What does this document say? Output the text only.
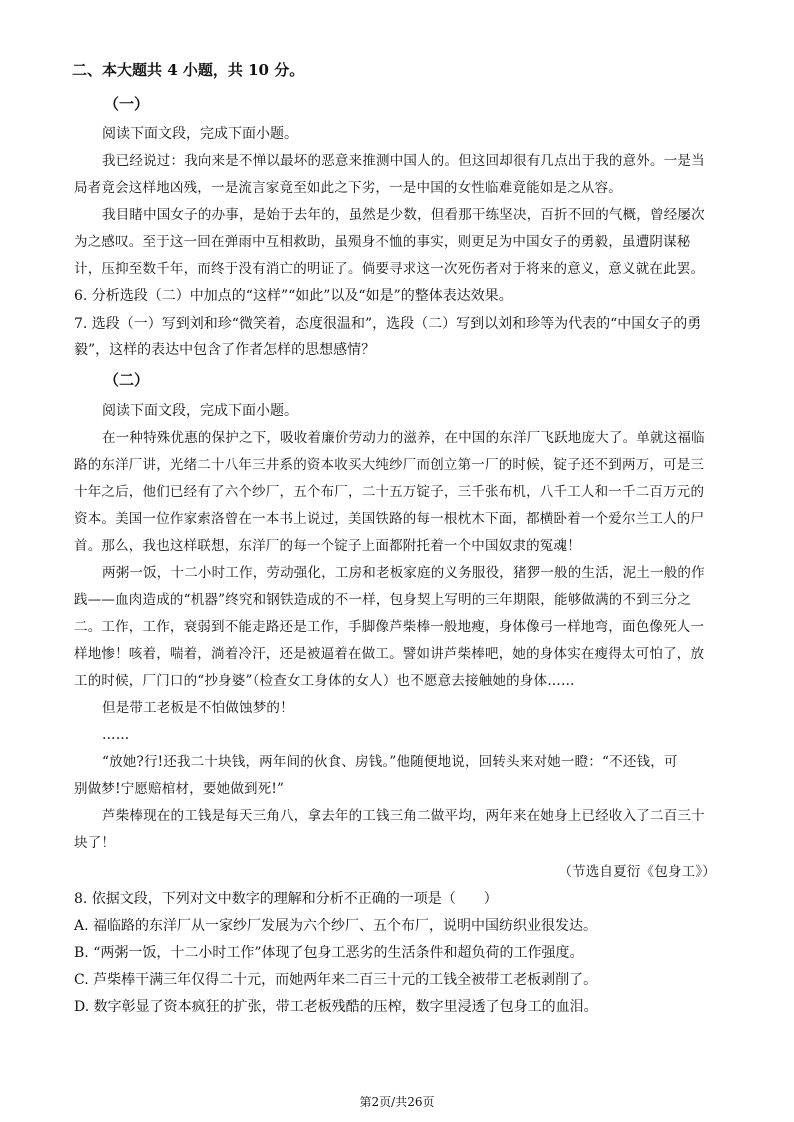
二、本大题共 4 小题，共 10 分。
（一）
阅读下面文段，完成下面小题。
我已经说过：我向来是不惮以最坏的恶意来推测中国人的。但这回却很有几点出于我的意外。一是当
局者竟会这样地凶残，一是流言家竟至如此之下劣，一是中国的女性临难竟能如是之从容。
我目睹中国女子的办事，是始于去年的，虽然是少数，但看那干练坚决，百折不回的气概，曾经屡次
为之感叹。至于这一回在弹雨中互相救助，虽殒身不恤的事实，则更足为中国女子的勇毅，虽遭阴谋秘
计，压抑至数千年，而终于没有消亡的明证了。倘要寻求这一次死伤者对于将来的意义，意义就在此罢。
6. 分析选段（二）中加点的“这样”“如此”以及“如是”的整体表达效果。
7. 选段（一）写到刘和珍“微笑着，态度很温和”，选段（二）写到以刘和珍等为代表的“中国女子的勇
毅”，这样的表达中包含了作者怎样的思想感情？
（二）
阅读下面文段，完成下面小题。
在一种特殊优惠的保护之下，吸收着廉价劳动力的滋养，在中国的东洋厂飞跃地庞大了。单就这福临
路的东洋厂讲，光绪二十八年三井系的资本收买大纯纱厂而创立第一厂的时候，锭子还不到两万，可是三
十年之后，他们已经有了六个纱厂，五个布厂，二十五万锭子，三千张布机，八千工人和一千二百万元的
资本。美国一位作家索洛曾在一本书上说过，美国铁路的每一根枕木下面，都横卧着一个爱尔兰工人的尸
首。那么，我也这样联想，东洋厂的每一个锭子上面都附托着一个中国奴隶的冤魂！
两粥一饭，十二小时工作，劳动强化，工房和老板家庭的义务服役，猪猡一般的生活，泥土一般的作
践——血肉造成的“机器”终究和钢铁造成的不一样，包身契上写明的三年期限，能够做满的不到三分之
二。工作，工作，衰弱到不能走路还是工作，手脚像芦柴棒一般地瘦，身体像弓一样地弯，面色像死人一
样地惨！咳着，喘着，淌着冷汗，还是被逼着在做工。譬如讲芦柴棒吧，她的身体实在瘦得太可怕了，放
工的时候，厂门口的“抄身婆”（检查女工身体的女人）也不愿意去接触她的身体……
但是带工老板是不怕做蚀梦的！
……
“放她?行!还我二十块钱，两年间的伙食、房钱。”他随便地说，回转头来对她一瞪：“不还钱，可
别做梦!宁愿赔棺材，要她做到死!”
芦柴棒现在的工钱是每天三角八，拿去年的工钱三角二做平均，两年来在她身上已经收入了二百三十
块了！
（节选自夏衍《包身工》）
8. 依据文段，下列对文中数字的理解和分析不正确的一项是（　　）
A. 福临路的东洋厂从一家纱厂发展为六个纱厂、五个布厂，说明中国纺织业很发达。
B. “两粥一饭，十二小时工作”体现了包身工恶劣的生活条件和超负荷的工作强度。
C. 芦柴棒干满三年仅得二十元，而她两年来二百三十元的工钱全被带工老板剥削了。
D. 数字彰显了资本疯狂的扩张，带工老板残酷的压榨，数字里浸透了包身工的血泪。
第2页/共26页
